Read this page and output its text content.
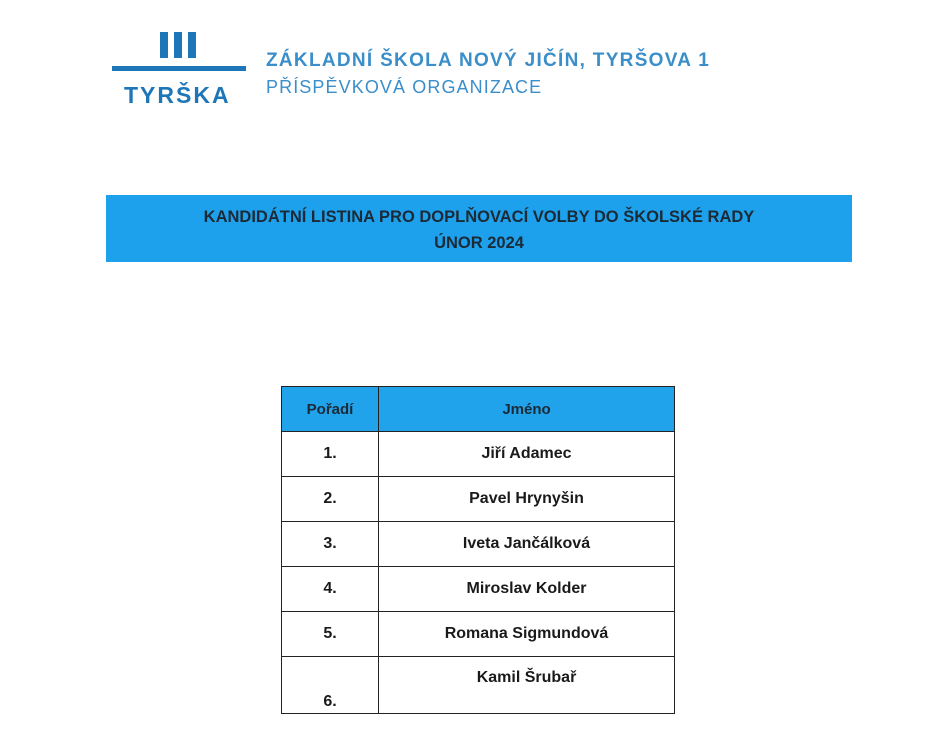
TYRŠKA
ZÁKLADNÍ ŠKOLA NOVÝ JIČÍN, TYRŠOVA 1
PŘÍSPĚVKOVÁ ORGANIZACE
KANDIDÁTNÍ LISTINA PRO DOPLŇOVACÍ VOLBY DO ŠKOLSKÉ RADY
ÚNOR 2024
Pořadí	Jméno
1.	Jiří Adamec
2.	Pavel Hrynyšin
3.	Iveta Jančálková
4.	Miroslav Kolder
5.	Romana Sigmundová
6.	Kamil Šrubař
